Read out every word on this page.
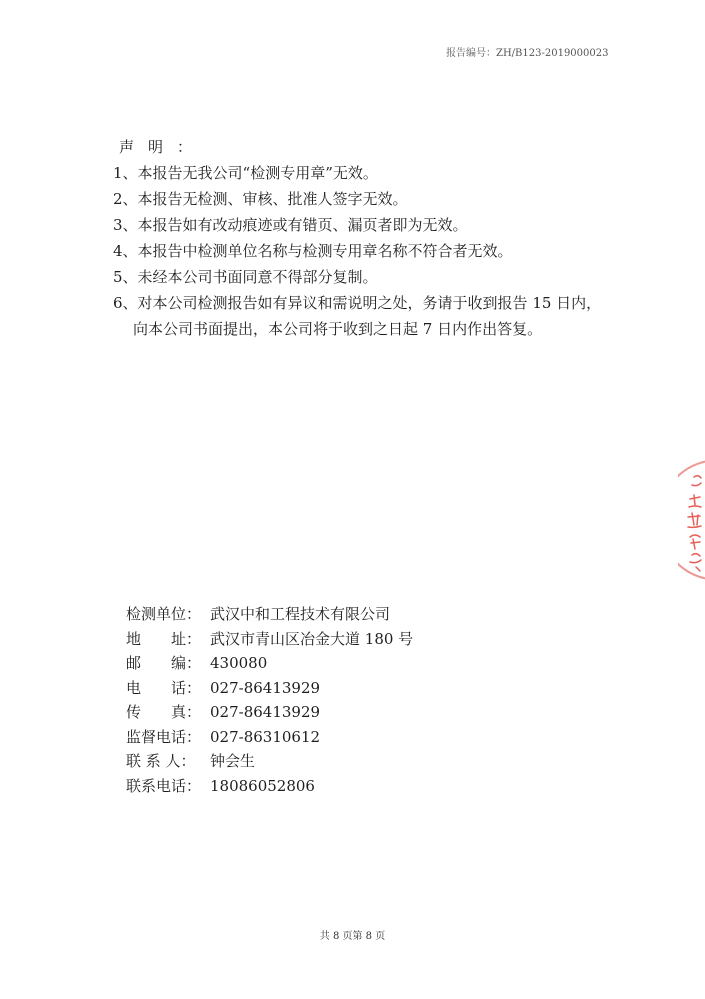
报告编号：ZH/B123-2019000023
声明：
1、本报告无我公司“检测专用章”无效。
2、本报告无检测、审核、批准人签字无效。
3、本报告如有改动痕迹或有错页、漏页者即为无效。
4、本报告中检测单位名称与检测专用章名称不符合者无效。
5、未经本公司书面同意不得部分复制。
6、对本公司检测报告如有异议和需说明之处，务请于收到报告 15 日内，
向本公司书面提出，本公司将于收到之日起 7 日内作出答复。
检测单位： 武汉中和工程技术有限公司
地　　址： 武汉市青山区冶金大道 180 号
邮　　编： 430080
电　　话： 027-86413929
传　　真： 027-86413929
监督电话： 027-86310612
联 系 人： 钟会生
联系电话： 18086052806
共 8 页第 8 页
